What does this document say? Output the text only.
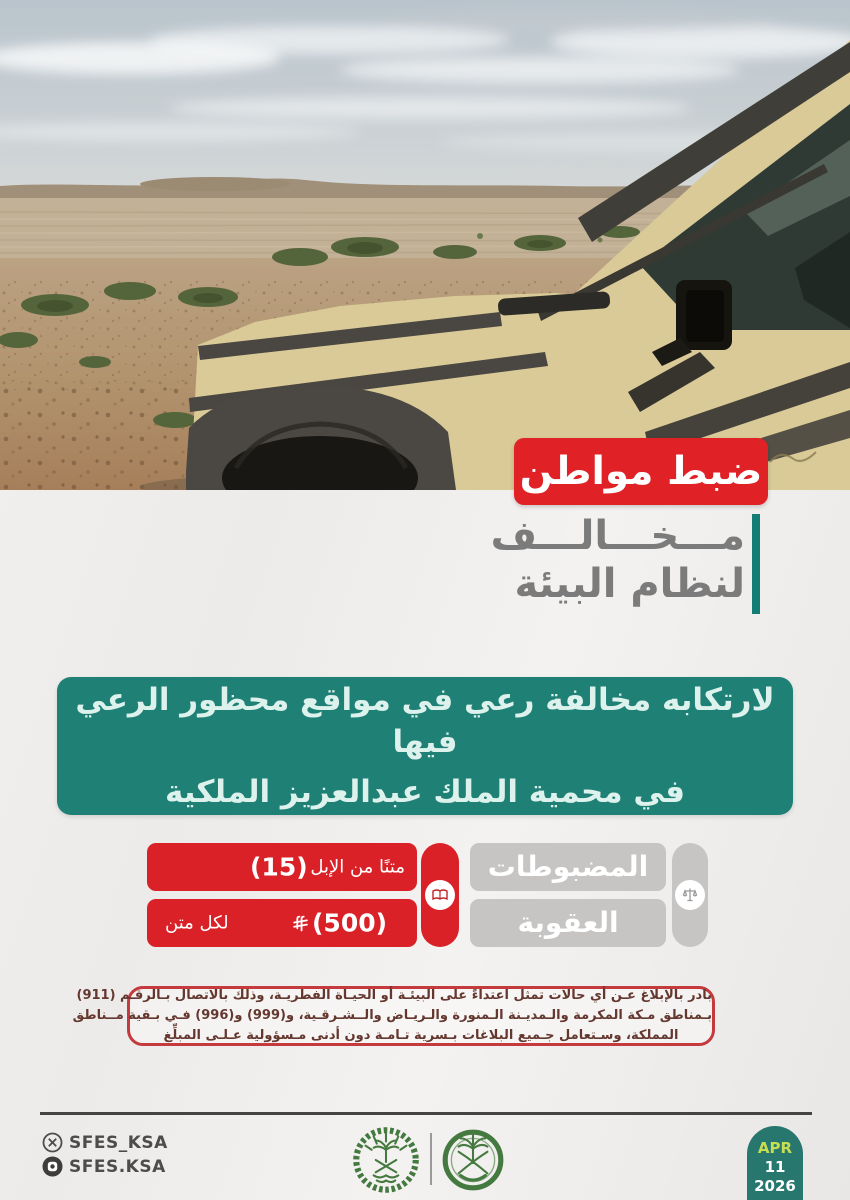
ضبط مواطن
مـــخـــالـــف
لنظام البيئة
لارتكابه مخالفة رعي في مواقع محظور الرعي فيها
في محمية الملك عبدالعزيز الملكية
(15) متنًا من الإبل
لكل متن	(500)
المضبوطات
العقوبة
بادر بالإبلاغ عـن أي حالات تمثل اعتداءً على البيئـة أو الحيـاة الفطريـة، وذلك بالاتصال بـالرقـم (911)
بـمناطق مـكة المكرمة والـمديـنة الـمنورة والـريـاض والــشـرقـية، و(999) و(996) فـي بـقية مــناطق
المملكة، وسـتعامل جـميع البلاغات بـسرية تـامـة دون أدنى مـسؤولية عـلـى المبلِّغ
SFES_KSA
SFES.KSA
APR
11
2026
